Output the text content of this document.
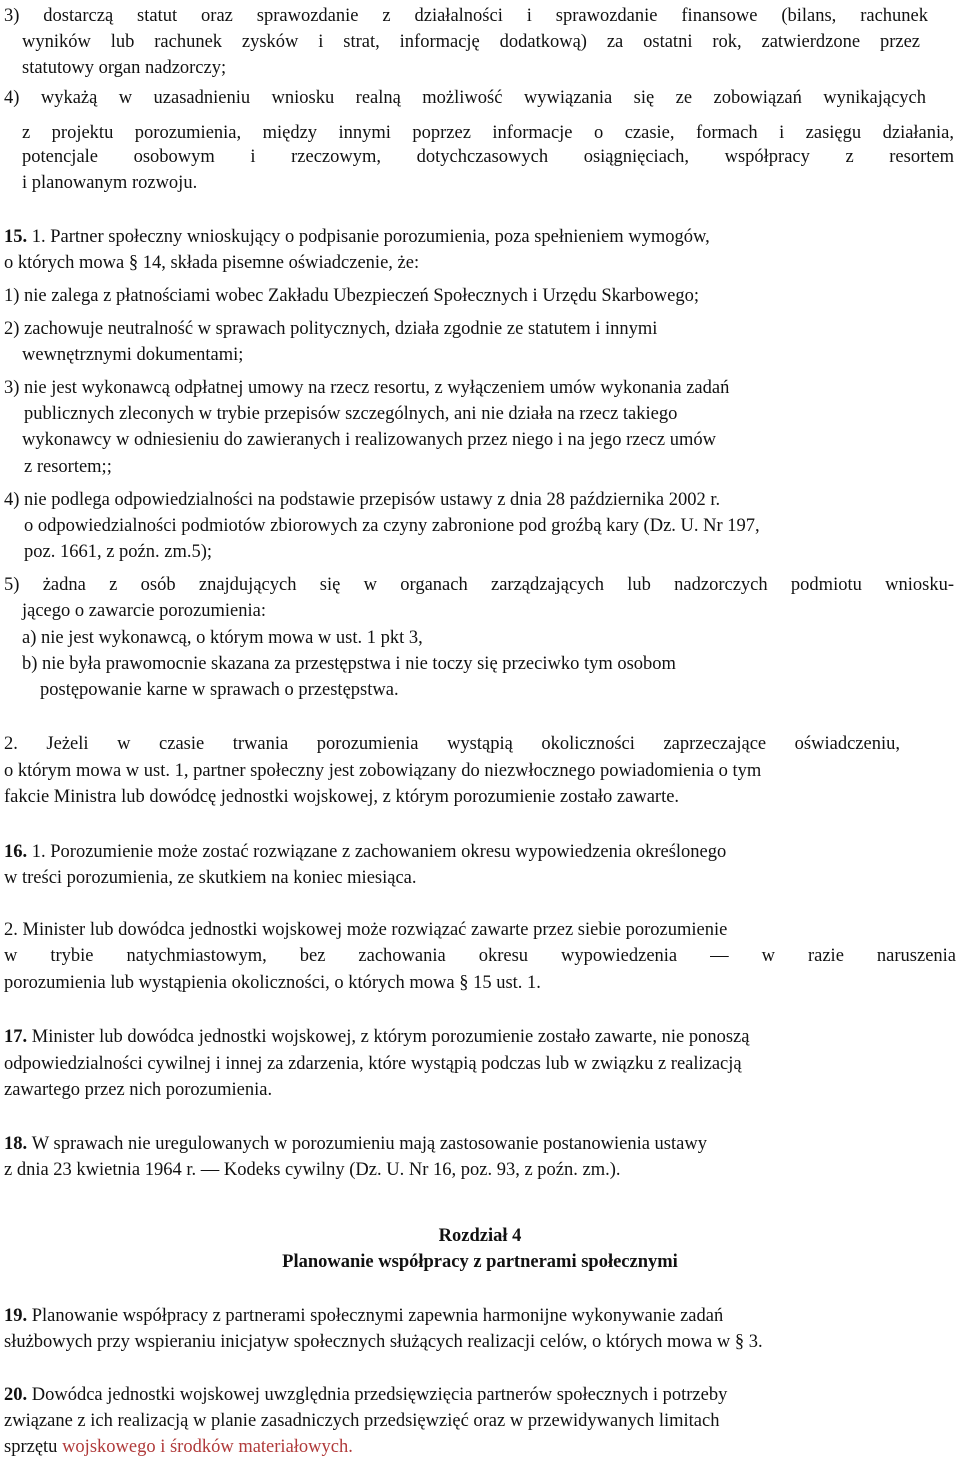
3) dostarczą statut oraz sprawozdanie z działalności i sprawozdanie finansowe (bilans, rachunek
wyników lub rachunek zysków i strat, informację dodatkową) za ostatni rok, zatwierdzone przez
statutowy organ nadzorczy;
4) wykażą w uzasadnieniu wniosku realną możliwość wywiązania się ze zobowiązań wynikających
z projektu porozumienia, między innymi poprzez informacje o czasie, formach i zasięgu działania,
potencjale osobowym i rzeczowym, dotychczasowych osiągnięciach, współpracy z resortem
i planowanym rozwoju.
15. 1. Partner społeczny wnioskujący o podpisanie porozumienia, poza spełnieniem wymogów,
o których mowa § 14, składa pisemne oświadczenie, że:
1) nie zalega z płatnościami wobec Zakładu Ubezpieczeń Społecznych i Urzędu Skarbowego;
2) zachowuje neutralność w sprawach politycznych, działa zgodnie ze statutem i innymi
wewnętrznymi dokumentami;
3) nie jest wykonawcą odpłatnej umowy na rzecz resortu, z wyłączeniem umów wykonania zadań
publicznych zleconych w trybie przepisów szczególnych, ani nie działa na rzecz takiego
wykonawcy w odniesieniu do zawieranych i realizowanych przez niego i na jego rzecz umów
z resortem;;
4) nie podlega odpowiedzialności na podstawie przepisów ustawy z dnia 28 października 2002 r.
o odpowiedzialności podmiotów zbiorowych za czyny zabronione pod groźbą kary (Dz. U. Nr 197,
poz. 1661, z poźn. zm.5);
5) żadna z osób znajdujących się w organach zarządzających lub nadzorczych podmiotu wniosku-
jącego o zawarcie porozumienia:
a) nie jest wykonawcą, o którym mowa w ust. 1 pkt 3,
b) nie była prawomocnie skazana za przestępstwa i nie toczy się przeciwko tym osobom
postępowanie karne w sprawach o przestępstwa.
2. Jeżeli w czasie trwania porozumienia wystąpią okoliczności zaprzeczające oświadczeniu,
o którym mowa w ust. 1, partner społeczny jest zobowiązany do niezwłocznego powiadomienia o tym
fakcie Ministra lub dowódcę jednostki wojskowej, z którym porozumienie zostało zawarte.
16. 1. Porozumienie może zostać rozwiązane z zachowaniem okresu wypowiedzenia określonego
w treści porozumienia, ze skutkiem na koniec miesiąca.
2. Minister lub dowódca jednostki wojskowej może rozwiązać zawarte przez siebie porozumienie
w trybie natychmiastowym, bez zachowania okresu wypowiedzenia — w razie naruszenia
porozumienia lub wystąpienia okoliczności, o których mowa § 15 ust. 1.
17. Minister lub dowódca jednostki wojskowej, z którym porozumienie zostało zawarte, nie ponoszą
odpowiedzialności cywilnej i innej za zdarzenia, które wystąpią podczas lub w związku z realizacją
zawartego przez nich porozumienia.
18. W sprawach nie uregulowanych w porozumieniu mają zastosowanie postanowienia ustawy
z dnia 23 kwietnia 1964 r. — Kodeks cywilny (Dz. U. Nr 16, poz. 93, z poźn. zm.).
Rozdział 4
Planowanie współpracy z partnerami społecznymi
19. Planowanie współpracy z partnerami społecznymi zapewnia harmonijne wykonywanie zadań
służbowych przy wspieraniu inicjatyw społecznych służących realizacji celów, o których mowa w § 3.
20. Dowódca jednostki wojskowej uwzględnia przedsięwzięcia partnerów społecznych i potrzeby
związane z ich realizacją w planie zasadniczych przedsięwzięć oraz w przewidywanych limitach
sprzętu wojskowego i środków materiałowych.
